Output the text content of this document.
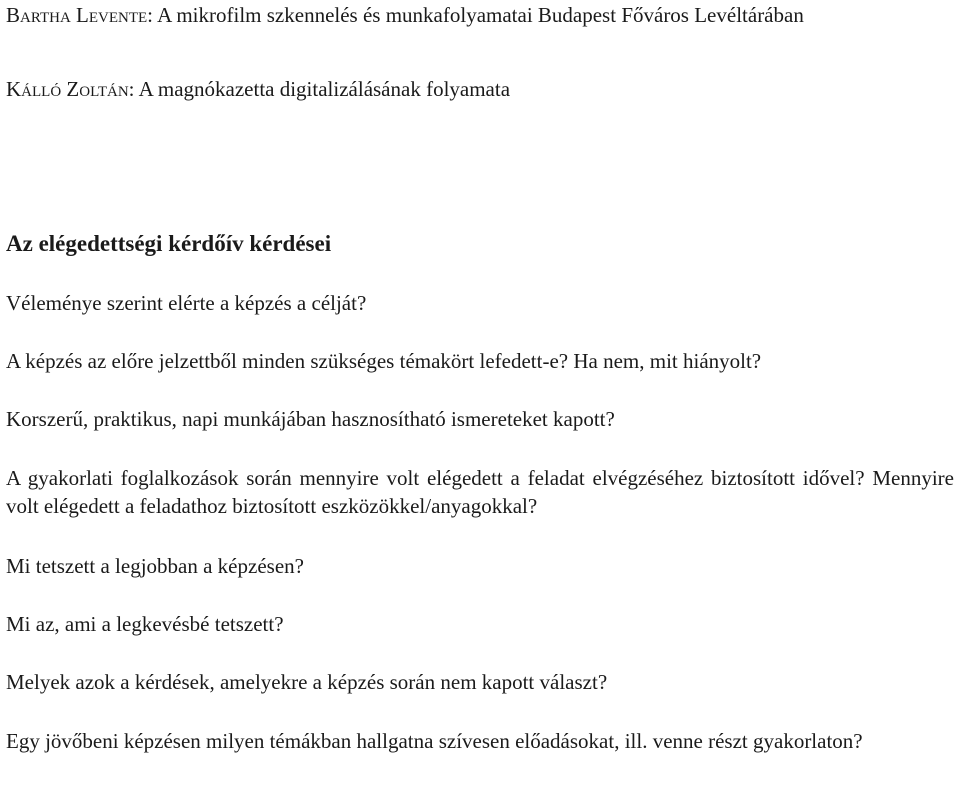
Bartha Levente: A mikrofilm szkennelés és munkafolyamatai Budapest Főváros Levéltárában
Kálló Zoltán: A magnókazetta digitalizálásának folyamata
Az elégedettségi kérdőív kérdései
Véleménye szerint elérte a képzés a célját?
A képzés az előre jelzettből minden szükséges témakört lefedett-e? Ha nem, mit hiányolt?
Korszerű, praktikus, napi munkájában hasznosítható ismereteket kapott?
A gyakorlati foglalkozások során mennyire volt elégedett a feladat elvégzéséhez biztosított idővel? Mennyire volt elégedett a feladathoz biztosított eszközökkel/anyagokkal?
Mi tetszett a legjobban a képzésen?
Mi az, ami a legkevésbé tetszett?
Melyek azok a kérdések, amelyekre a képzés során nem kapott választ?
Egy jövőbeni képzésen milyen témákban hallgatna szívesen előadásokat, ill. venne részt gyakorlaton?
